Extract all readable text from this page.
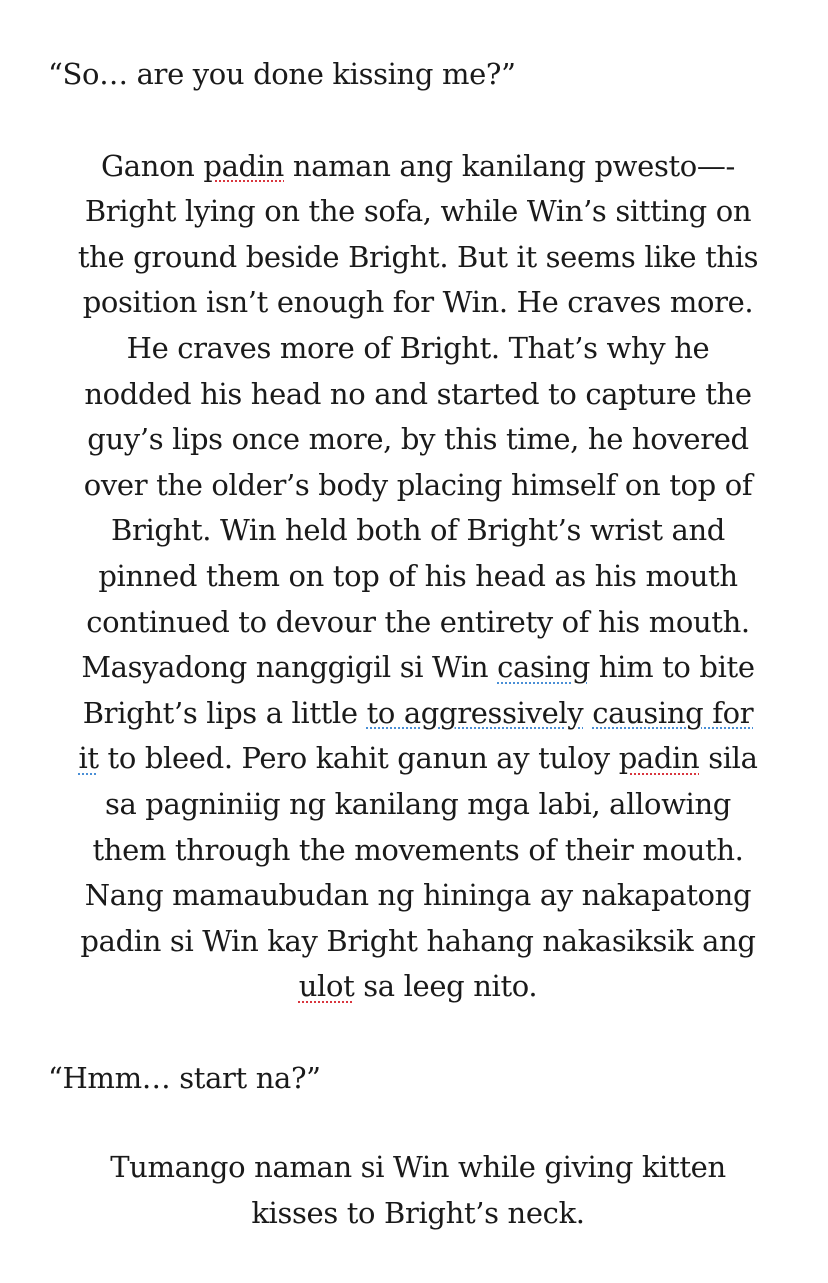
“So… are you done kissing me?”

Ganon padin naman ang kanilang pwesto—-
Bright lying on the sofa, while Win’s sitting on
the ground beside Bright. But it seems like this
position isn’t enough for Win. He craves more.
He craves more of Bright. That’s why he
nodded his head no and started to capture the
guy’s lips once more, by this time, he hovered
over the older’s body placing himself on top of
Bright. Win held both of Bright’s wrist and
pinned them on top of his head as his mouth
continued to devour the entirety of his mouth.
Masyadong nanggigil si Win casing him to bite
Bright’s lips a little to aggressively causing for
it to bleed. Pero kahit ganun ay tuloy padin sila
sa pagniniig ng kanilang mga labi, allowing
them through the movements of their mouth.
Nang mamaubudan ng hininga ay nakapatong
padin si Win kay Bright hahang nakasiksik ang
ulot sa leeg nito.

“Hmm… start na?”

Tumango naman si Win while giving kitten
kisses to Bright’s neck.
